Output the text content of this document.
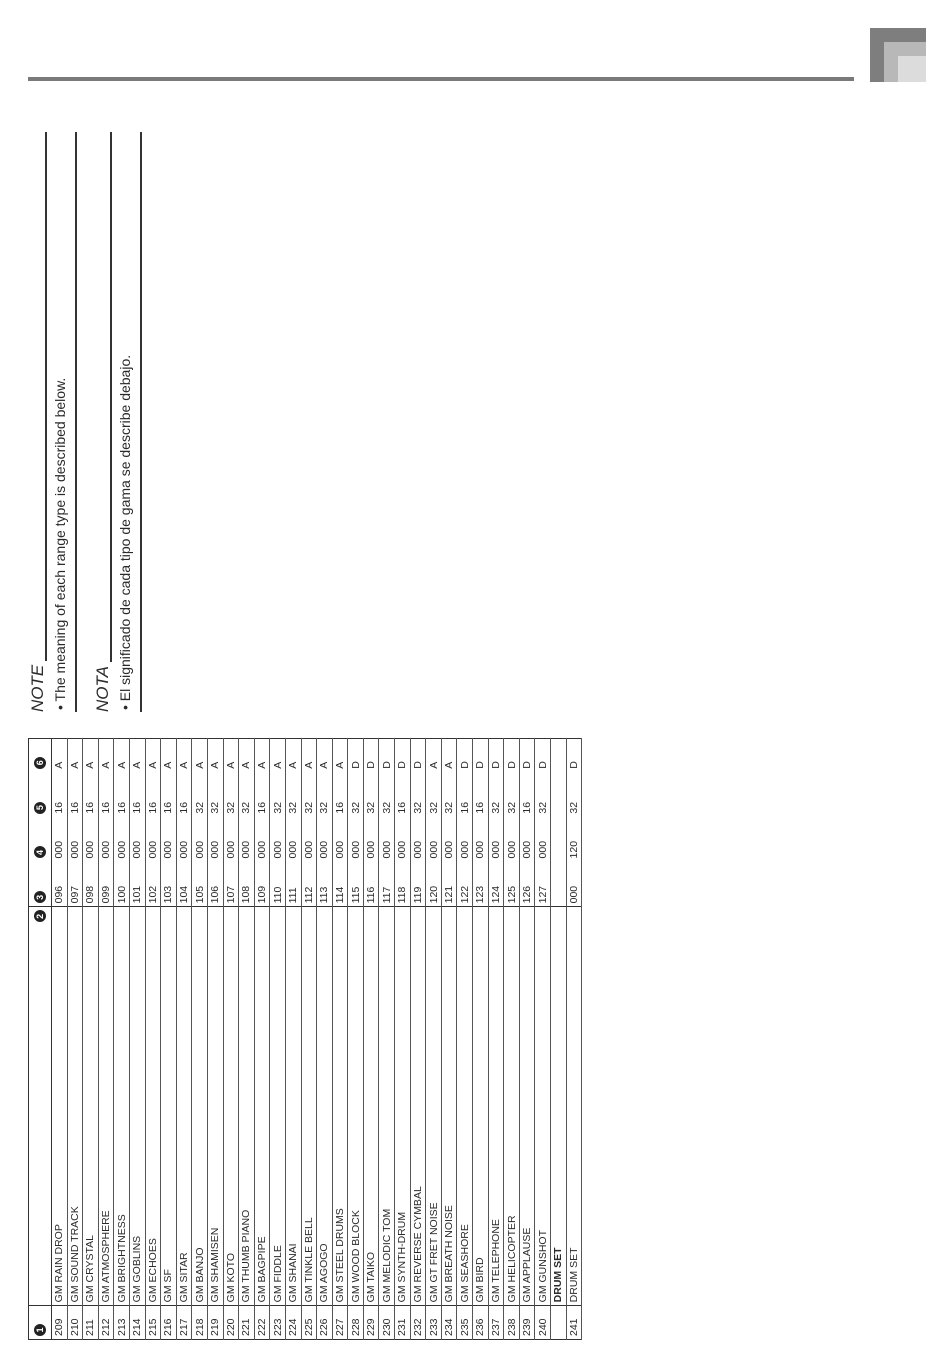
NOTE • The meaning of each range type is described below. NOTA • El significado de cada tipo de gama se describe debajo.
1	2	3	4	5	6
209	GM RAIN DROP	096	000	16	A
210	GM SOUND TRACK	097	000	16	A
211	GM CRYSTAL	098	000	16	A
212	GM ATMOSPHERE	099	000	16	A
213	GM BRIGHTNESS	100	000	16	A
214	GM GOBLINS	101	000	16	A
215	GM ECHOES	102	000	16	A
216	GM SF	103	000	16	A
217	GM SITAR	104	000	16	A
218	GM BANJO	105	000	32	A
219	GM SHAMISEN	106	000	32	A
220	GM KOTO	107	000	32	A
221	GM THUMB PIANO	108	000	32	A
222	GM BAGPIPE	109	000	16	A
223	GM FIDDLE	110	000	32	A
224	GM SHANAI	111	000	32	A
225	GM TINKLE BELL	112	000	32	A
226	GM AGOGO	113	000	32	A
227	GM STEEL DRUMS	114	000	16	A
228	GM WOOD BLOCK	115	000	32	D
229	GM TAIKO	116	000	32	D
230	GM MELODIC TOM	117	000	32	D
231	GM SYNTH-DRUM	118	000	16	D
232	GM REVERSE CYMBAL	119	000	32	D
233	GM GT FRET NOISE	120	000	32	A
234	GM BREATH NOISE	121	000	32	A
235	GM SEASHORE	122	000	16	D
236	GM BIRD	123	000	16	D
237	GM TELEPHONE	124	000	32	D
238	GM HELICOPTER	125	000	32	D
239	GM APPLAUSE	126	000	16	D
240	GM GUNSHOT	127	000	32	D
	DRUM SET				
241	DRUM SET	000	120	32	D
